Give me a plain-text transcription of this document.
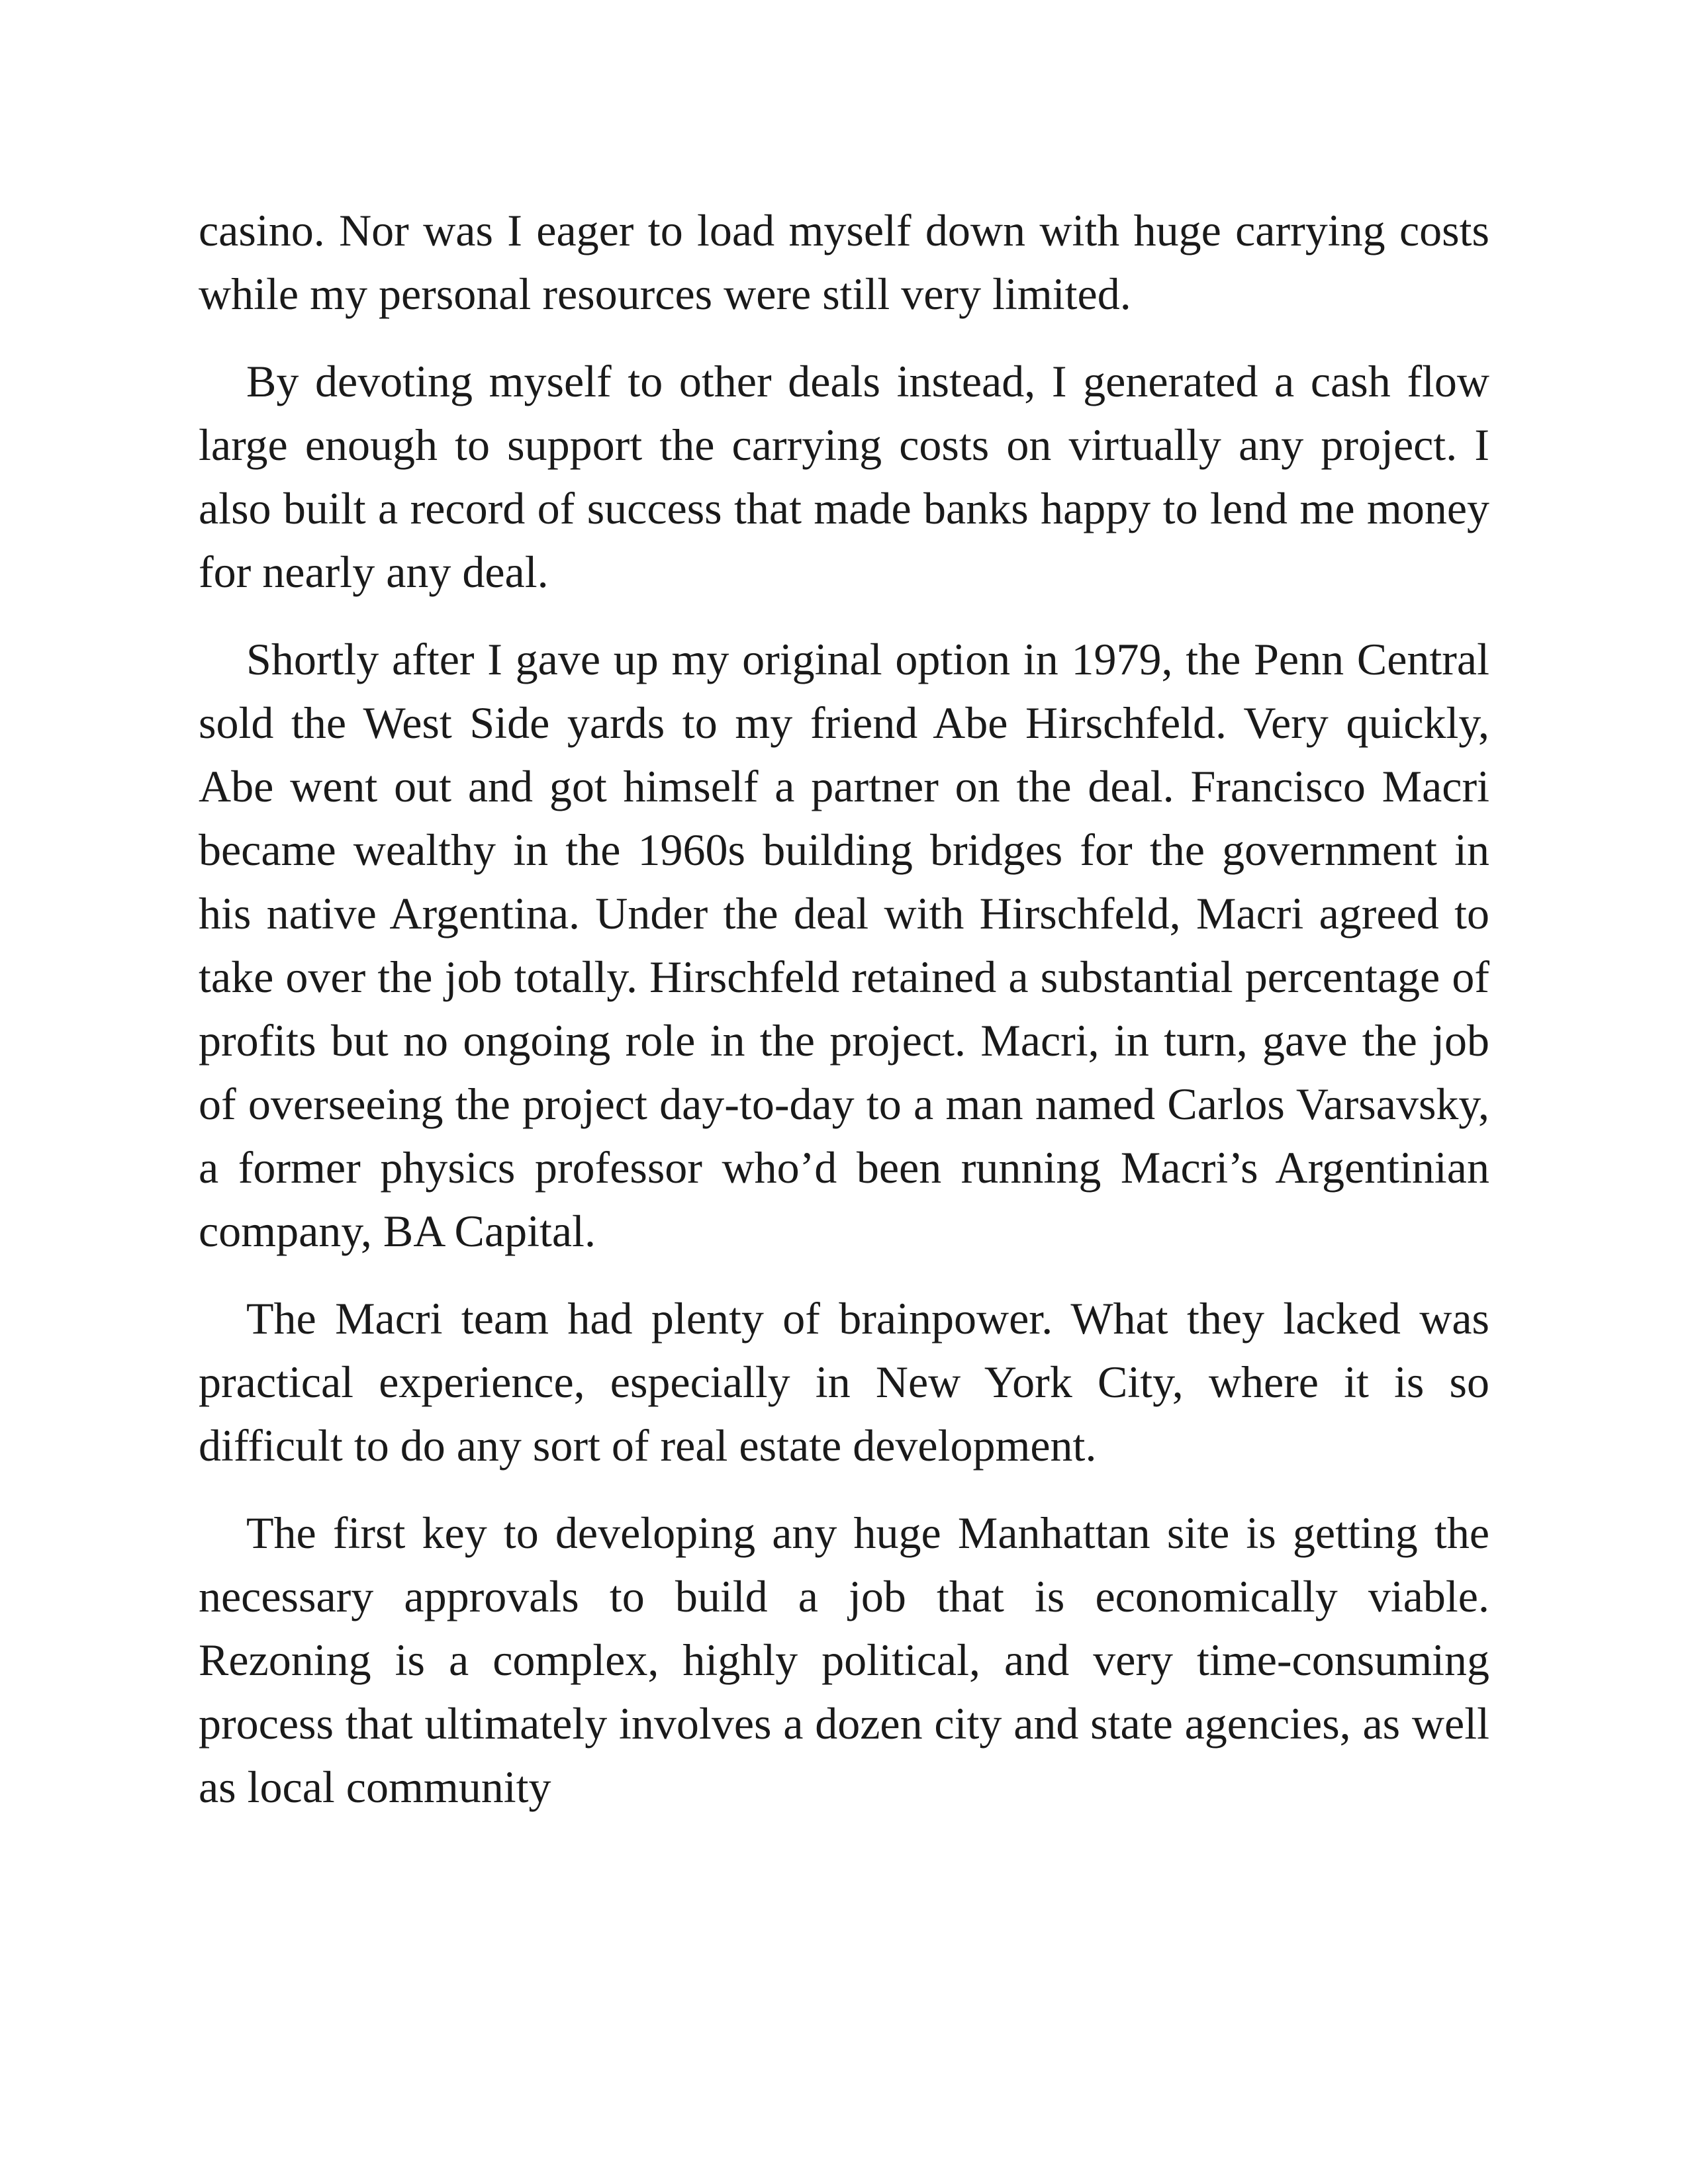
casino. Nor was I eager to load myself down with huge carrying costs while my personal resources were still very limited.

By devoting myself to other deals instead, I generated a cash flow large enough to support the carrying costs on virtually any project. I also built a record of success that made banks happy to lend me money for nearly any deal.

Shortly after I gave up my original option in 1979, the Penn Central sold the West Side yards to my friend Abe Hirschfeld. Very quickly, Abe went out and got himself a partner on the deal. Francisco Macri became wealthy in the 1960s building bridges for the government in his native Argentina. Under the deal with Hirschfeld, Macri agreed to take over the job totally. Hirschfeld retained a substantial percentage of profits but no ongoing role in the project. Macri, in turn, gave the job of overseeing the project day-to-day to a man named Carlos Varsavsky, a former physics professor who’d been running Macri’s Argentinian company, BA Capital.

The Macri team had plenty of brainpower. What they lacked was practical experience, especially in New York City, where it is so difficult to do any sort of real estate development.

The first key to developing any huge Manhattan site is getting the necessary approvals to build a job that is economically viable. Rezoning is a complex, highly political, and very time-consuming process that ultimately involves a dozen city and state agencies, as well as local community
